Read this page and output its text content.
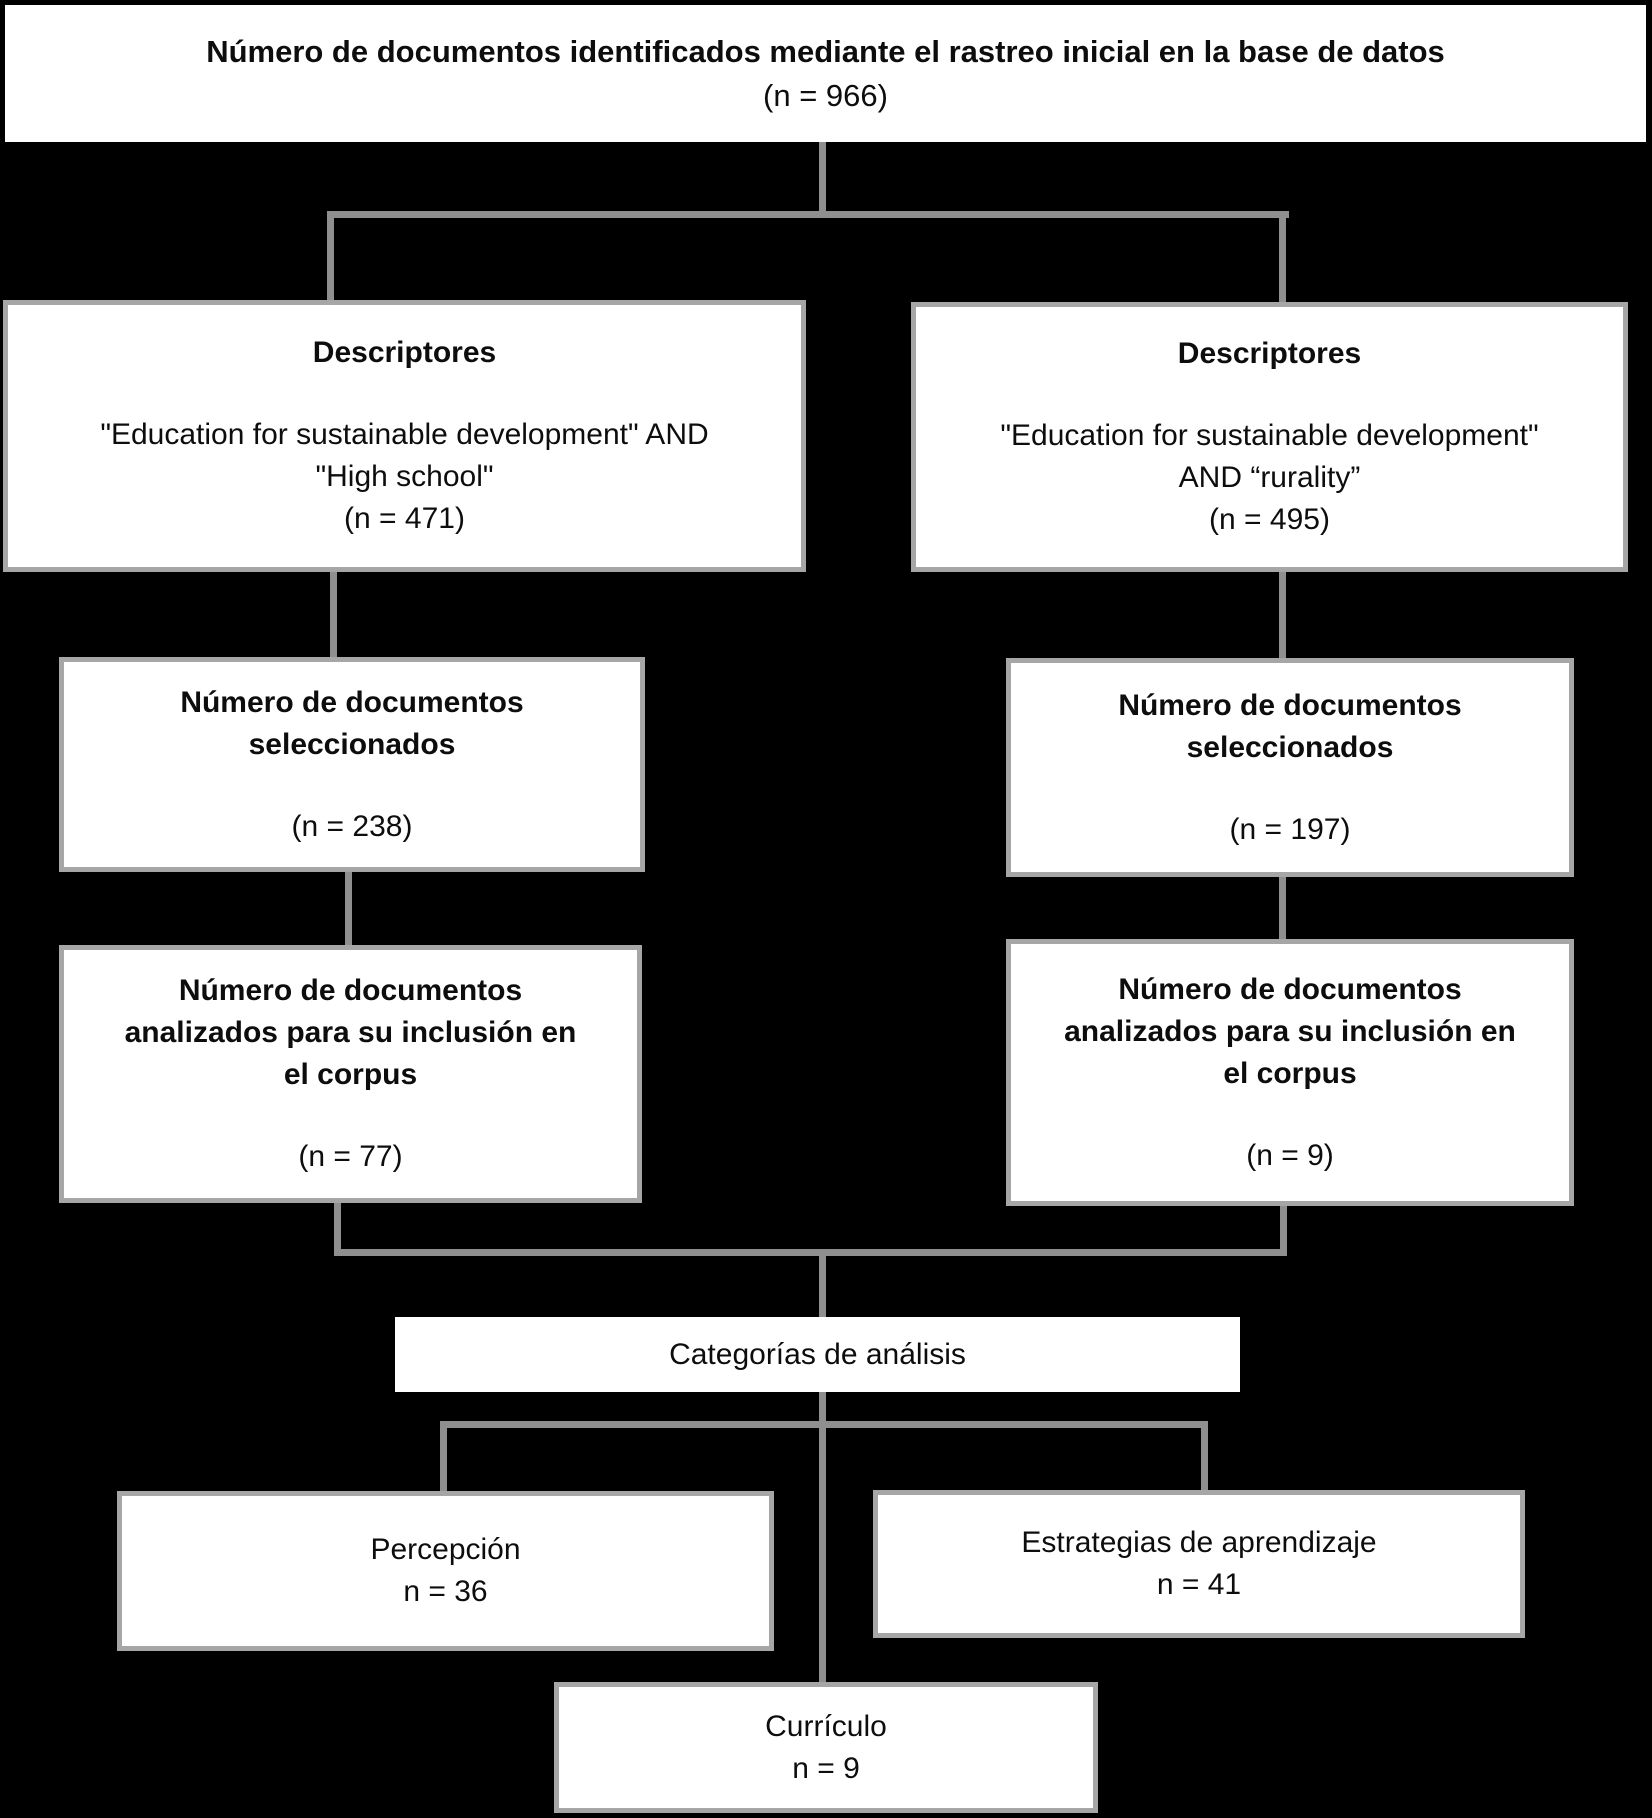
Número de documentos identificados mediante el rastreo inicial en la base de datos
(n = 966)
Descriptores
"Education for sustainable development" AND
"High school"
(n = 471)
Descriptores
"Education for sustainable development"
AND “rurality”
(n = 495)
Número de documentos
seleccionados
(n = 238)
Número de documentos
seleccionados
(n = 197)
Número de documentos
analizados para su inclusión en
el corpus
(n = 77)
Número de documentos
analizados para su inclusión en
el corpus
(n = 9)
Categorías de análisis
Percepción
n = 36
Estrategias de aprendizaje
n = 41
Currículo
n = 9
